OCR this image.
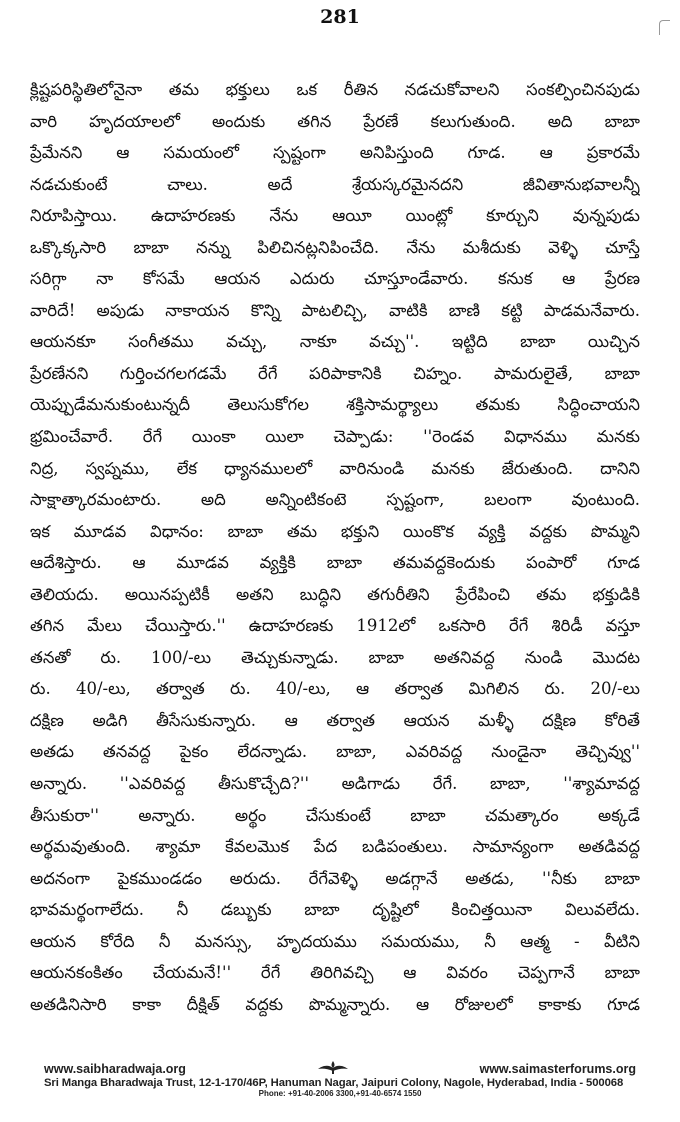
281
క్లిష్టపరిస్థితిలోనైనా తమ భక్తులు ఒక రీతిన నడచుకోవాలని సంకల్పించినపుడు
వారి హృదయాలలో అందుకు తగిన ప్రేరణే కలుగుతుంది. అది బాబా
ప్రేమేనని ఆ సమయంలో స్పష్టంగా అనిపిస్తుంది గూడ. ఆ ప్రకారమే
నడచుకుంటే చాలు. అదే శ్రేయస్కరమైనదని జీవితానుభవాలన్నీ
నిరూపిస్తాయి. ఉదాహరణకు నేను ఆయీ యింట్లో కూర్చుని వున్నపుడు
ఒక్కొక్కసారి బాబా నన్ను పిలిచినట్లనిపించేది. నేను మశీదుకు వెళ్ళి చూస్తే
సరిగ్గా నా కోసమే ఆయన ఎదురు చూస్తూండేవారు. కనుక ఆ ప్రేరణ
వారిదే! అపుడు నాకాయన కొన్ని పాటలిచ్చి, వాటికి బాణి కట్టి పాడమనేవారు.
ఆయనకూ సంగీతము వచ్చు, నాకూ వచ్చు''. ఇట్టిది బాబా యిచ్చిన
ప్రేరణేనని గుర్తించగలగడమే రేగే పరిపాకానికి చిహ్నం. పామరులైతే, బాబా
యెప్పుడేమనుకుంటున్నదీ తెలుసుకోగల శక్తిసామర్థ్యాలు తమకు సిద్ధించాయని
భ్రమించేవారే. రేగే యింకా యిలా చెప్పాడు: ''రెండవ విధానము మనకు
నిద్ర, స్వప్నము, లేక ధ్యానములలో వారినుండి మనకు జేరుతుంది. దానిని
సాక్షాత్కారమంటారు. అది అన్నింటికంటె స్పష్టంగా, బలంగా వుంటుంది.
ఇక మూడవ విధానం: బాబా తమ భక్తుని యింకొక వ్యక్తి వద్దకు పొమ్మని
ఆదేశిస్తారు. ఆ మూడవ వ్యక్తికి బాబా తమవద్దకెందుకు పంపారో గూడ
తెలియదు. అయినప్పటికీ అతని బుద్ధిని తగురీతిని ప్రేరేపించి తమ భక్తుడికి
తగిన మేలు చేయిస్తారు.'' ఉదాహరణకు 1912లో ఒకసారి రేగే శిరిడీ వస్తూ
తనతో రు. 100/-లు తెచ్చుకున్నాడు. బాబా అతనివద్ద నుండి మొదట
రు. 40/-లు, తర్వాత రు. 40/-లు, ఆ తర్వాత మిగిలిన రు. 20/-లు
దక్షిణ అడిగి తీసేసుకున్నారు. ఆ తర్వాత ఆయన మళ్ళీ దక్షిణ కోరితే
అతడు తనవద్ద పైకం లేదన్నాడు. బాబా, ఎవరివద్ద నుండైనా తెచ్చివ్వు''
అన్నారు. ''ఎవరివద్ద తీసుకొచ్చేది?'' అడిగాడు రేగే. బాబా, ''శ్యామావద్ద
తీసుకురా'' అన్నారు. అర్థం చేసుకుంటే బాబా చమత్కారం అక్కడే
అర్థమవుతుంది. శ్యామా కేవలమొక పేద బడిపంతులు. సామాన్యంగా అతడివద్ద
అదనంగా పైకముండడం అరుదు. రేగేవెళ్ళి అడగ్గానే అతడు, ''నీకు బాబా
భావమర్థంగాలేదు. నీ డబ్బుకు బాబా దృష్టిలో కించిత్తయినా విలువలేదు.
ఆయన కోరేది నీ మనస్సు, హృదయము సమయము, నీ ఆత్మ - వీటిని
ఆయనకంకితం చేయమనే!'' రేగే తిరిగివచ్చి ఆ వివరం చెప్పగానే బాబా
అతడినిసారి కాకా దీక్షిత్ వద్దకు పొమ్మన్నారు. ఆ రోజులలో కాకాకు గూడ
www.saibharadwaja.org	www.saimasterforums.org
Sri Manga Bharadwaja Trust, 12-1-170/46P, Hanuman Nagar, Jaipuri Colony, Nagole, Hyderabad, India - 500068
Phone: +91-40-2006 3300,+91-40-6574 1550
